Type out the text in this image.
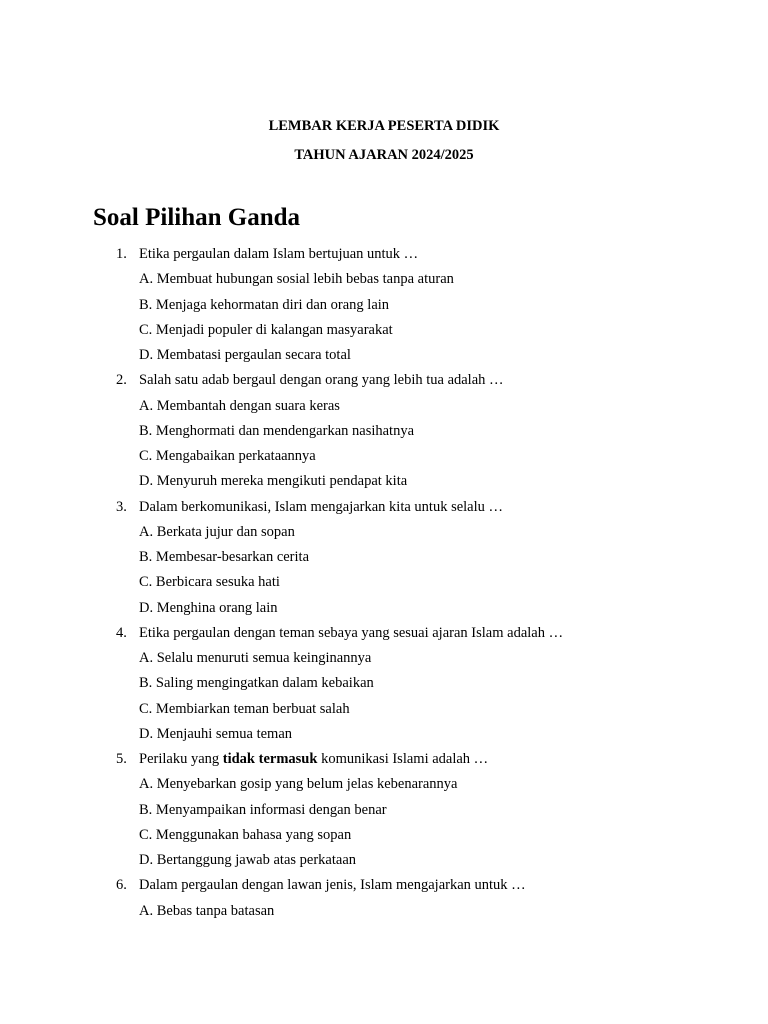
LEMBAR KERJA PESERTA DIDIK
TAHUN AJARAN 2024/2025
Soal Pilihan Ganda
1. Etika pergaulan dalam Islam bertujuan untuk …
A. Membuat hubungan sosial lebih bebas tanpa aturan
B. Menjaga kehormatan diri dan orang lain
C. Menjadi populer di kalangan masyarakat
D. Membatasi pergaulan secara total
2. Salah satu adab bergaul dengan orang yang lebih tua adalah …
A. Membantah dengan suara keras
B. Menghormati dan mendengarkan nasihatnya
C. Mengabaikan perkataannya
D. Menyuruh mereka mengikuti pendapat kita
3. Dalam berkomunikasi, Islam mengajarkan kita untuk selalu …
A. Berkata jujur dan sopan
B. Membesar-besarkan cerita
C. Berbicara sesuka hati
D. Menghina orang lain
4. Etika pergaulan dengan teman sebaya yang sesuai ajaran Islam adalah …
A. Selalu menuruti semua keinginannya
B. Saling mengingatkan dalam kebaikan
C. Membiarkan teman berbuat salah
D. Menjauhi semua teman
5. Perilaku yang tidak termasuk komunikasi Islami adalah …
A. Menyebarkan gosip yang belum jelas kebenarannya
B. Menyampaikan informasi dengan benar
C. Menggunakan bahasa yang sopan
D. Bertanggung jawab atas perkataan
6. Dalam pergaulan dengan lawan jenis, Islam mengajarkan untuk …
A. Bebas tanpa batasan
